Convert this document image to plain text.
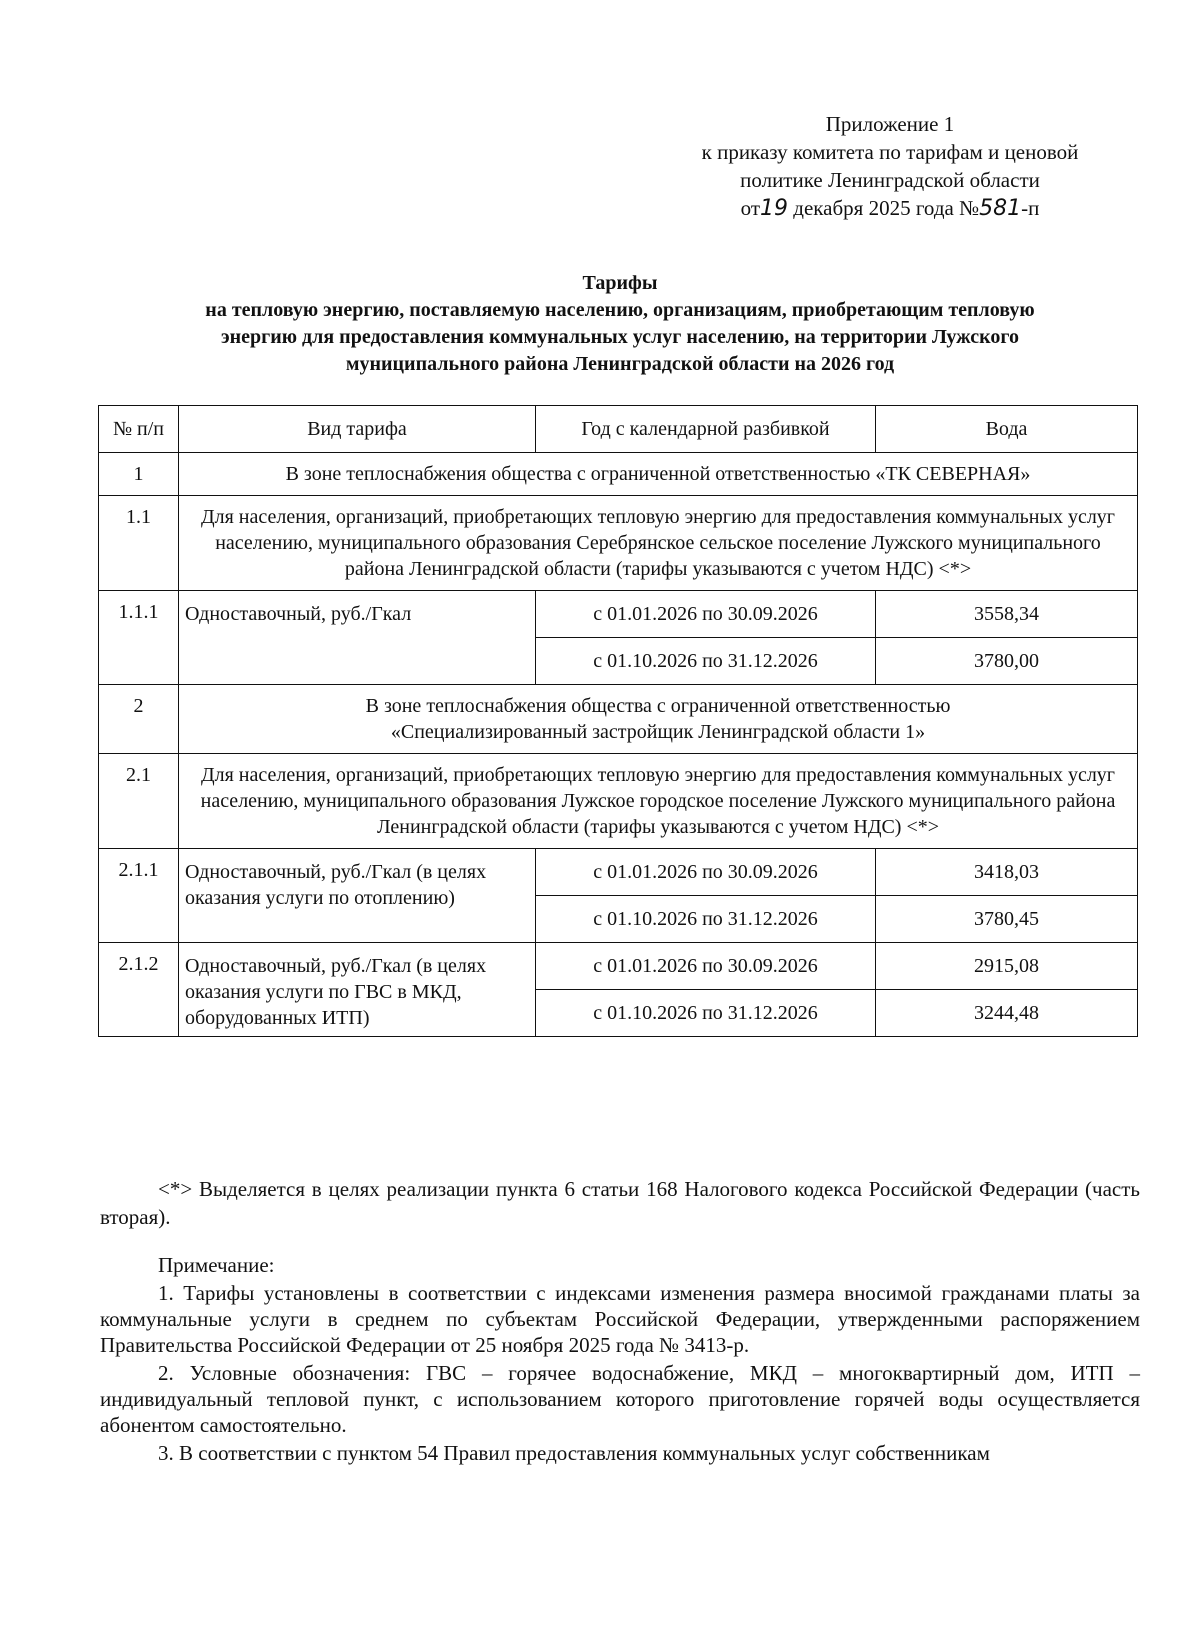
Приложение 1
к приказу комитета по тарифам и ценовой
политике Ленинградской области
от19 декабря 2025 года №581-п
Тарифы
на тепловую энергию, поставляемую населению, организациям, приобретающим тепловую
энергию для предоставления коммунальных услуг населению, на территории Лужского
муниципального района Ленинградской области на 2026 год
№ п/п	Вид тарифа	Год с календарной разбивкой	Вода
1	В зоне теплоснабжения общества с ограниченной ответственностью «ТК СЕВЕРНАЯ»		
1.1	Для населения, организаций, приобретающих тепловую энергию для предоставления коммунальных услуг населению, муниципального образования Серебрянское сельское поселение Лужского муниципального района Ленинградской области (тарифы указываются с учетом НДС) <*>		
1.1.1	Одноставочный, руб./Гкал	с 01.01.2026 по 30.09.2026	3558,34
		с 01.10.2026 по 31.12.2026	3780,00
2	В зоне теплоснабжения общества с ограниченной ответственностью
«Специализированный застройщик Ленинградской области 1»		

2.1	Для населения, организаций, приобретающих тепловую энергию для предоставления коммунальных услуг населению, муниципального образования Лужское городское поселение Лужского муниципального района Ленинградской области (тарифы указываются с учетом НДС) <*>		
2.1.1	Одноставочный, руб./Гкал (в целях оказания услуги по отоплению)	с 01.01.2026 по 30.09.2026	3418,03
		с 01.10.2026 по 31.12.2026	3780,45
2.1.2	Одноставочный, руб./Гкал (в целях оказания услуги по ГВС в МКД, оборудованных ИТП)	с 01.01.2026 по 30.09.2026	2915,08
		с 01.10.2026 по 31.12.2026	3244,48
<*> Выделяется в целях реализации пункта 6 статьи 168 Налогового кодекса Российской Федерации (часть вторая).
Примечание:

1. Тарифы установлены в соответствии с индексами изменения размера вносимой гражданами платы за коммунальные услуги в среднем по субъектам Российской Федерации, утвержденными распоряжением Правительства Российской Федерации от 25 ноября 2025 года № 3413-р.

2. Условные обозначения: ГВС – горячее водоснабжение, МКД – многоквартирный дом, ИТП – индивидуальный тепловой пункт, с использованием которого приготовление горячей воды осуществляется абонентом самостоятельно.

3. В соответствии с пунктом 54 Правил предоставления коммунальных услуг собственникам
